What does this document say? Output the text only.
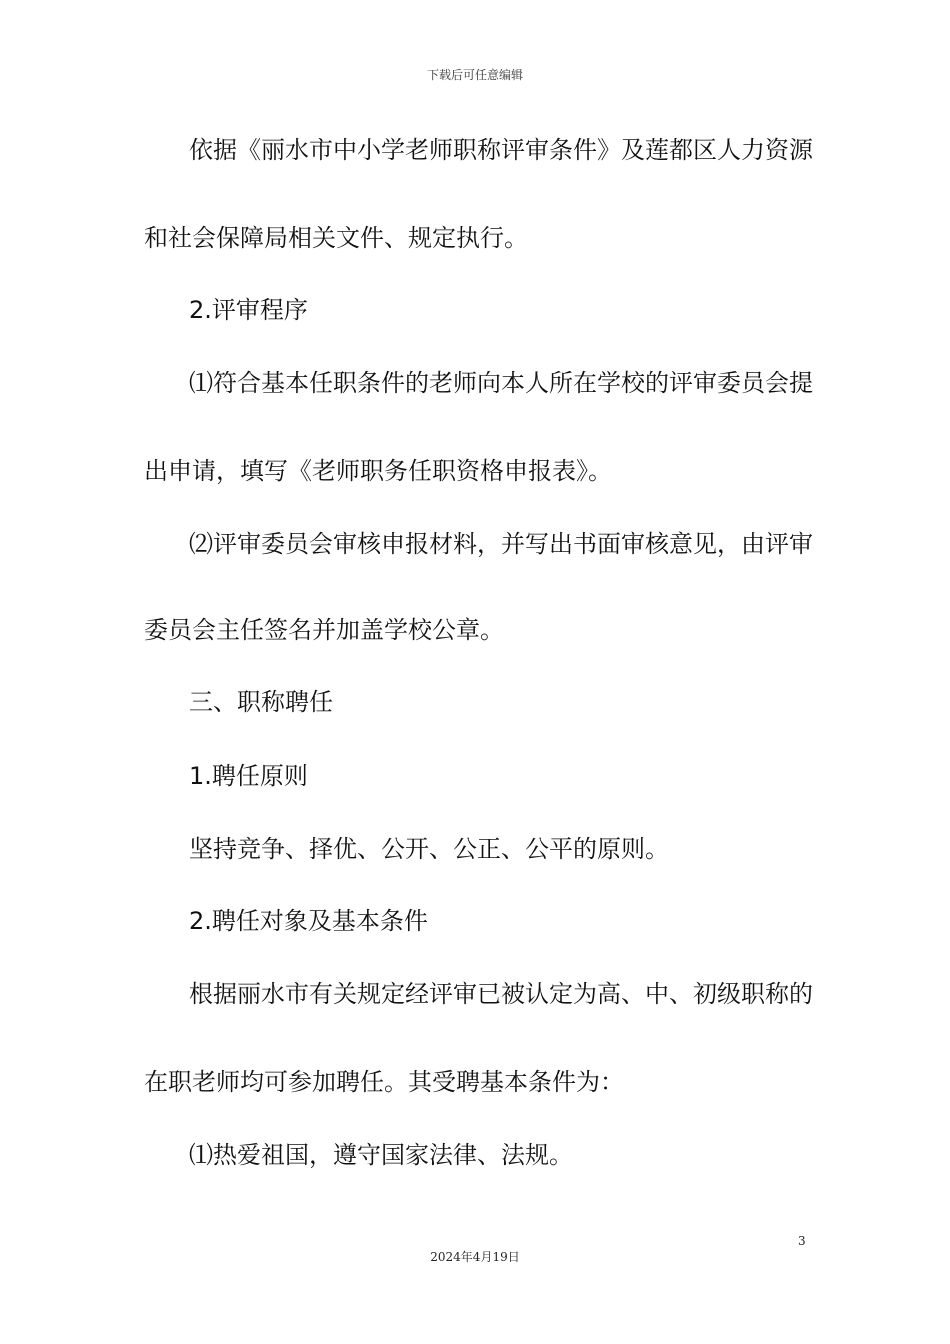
下载后可任意编辑
依据《丽水市中小学老师职称评审条件》及莲都区人力资源
和社会保障局相关文件、规定执行。
2.评审程序
⑴符合基本任职条件的老师向本人所在学校的评审委员会提
出申请，填写《老师职务任职资格申报表》。
⑵评审委员会审核申报材料，并写出书面审核意见，由评审
委员会主任签名并加盖学校公章。
三、职称聘任
1.聘任原则
坚持竞争、择优、公开、公正、公平的原则。
2.聘任对象及基本条件
根据丽水市有关规定经评审已被认定为高、中、初级职称的
在职老师均可参加聘任。其受聘基本条件为：
⑴热爱祖国，遵守国家法律、法规。
3
2024年4月19日
